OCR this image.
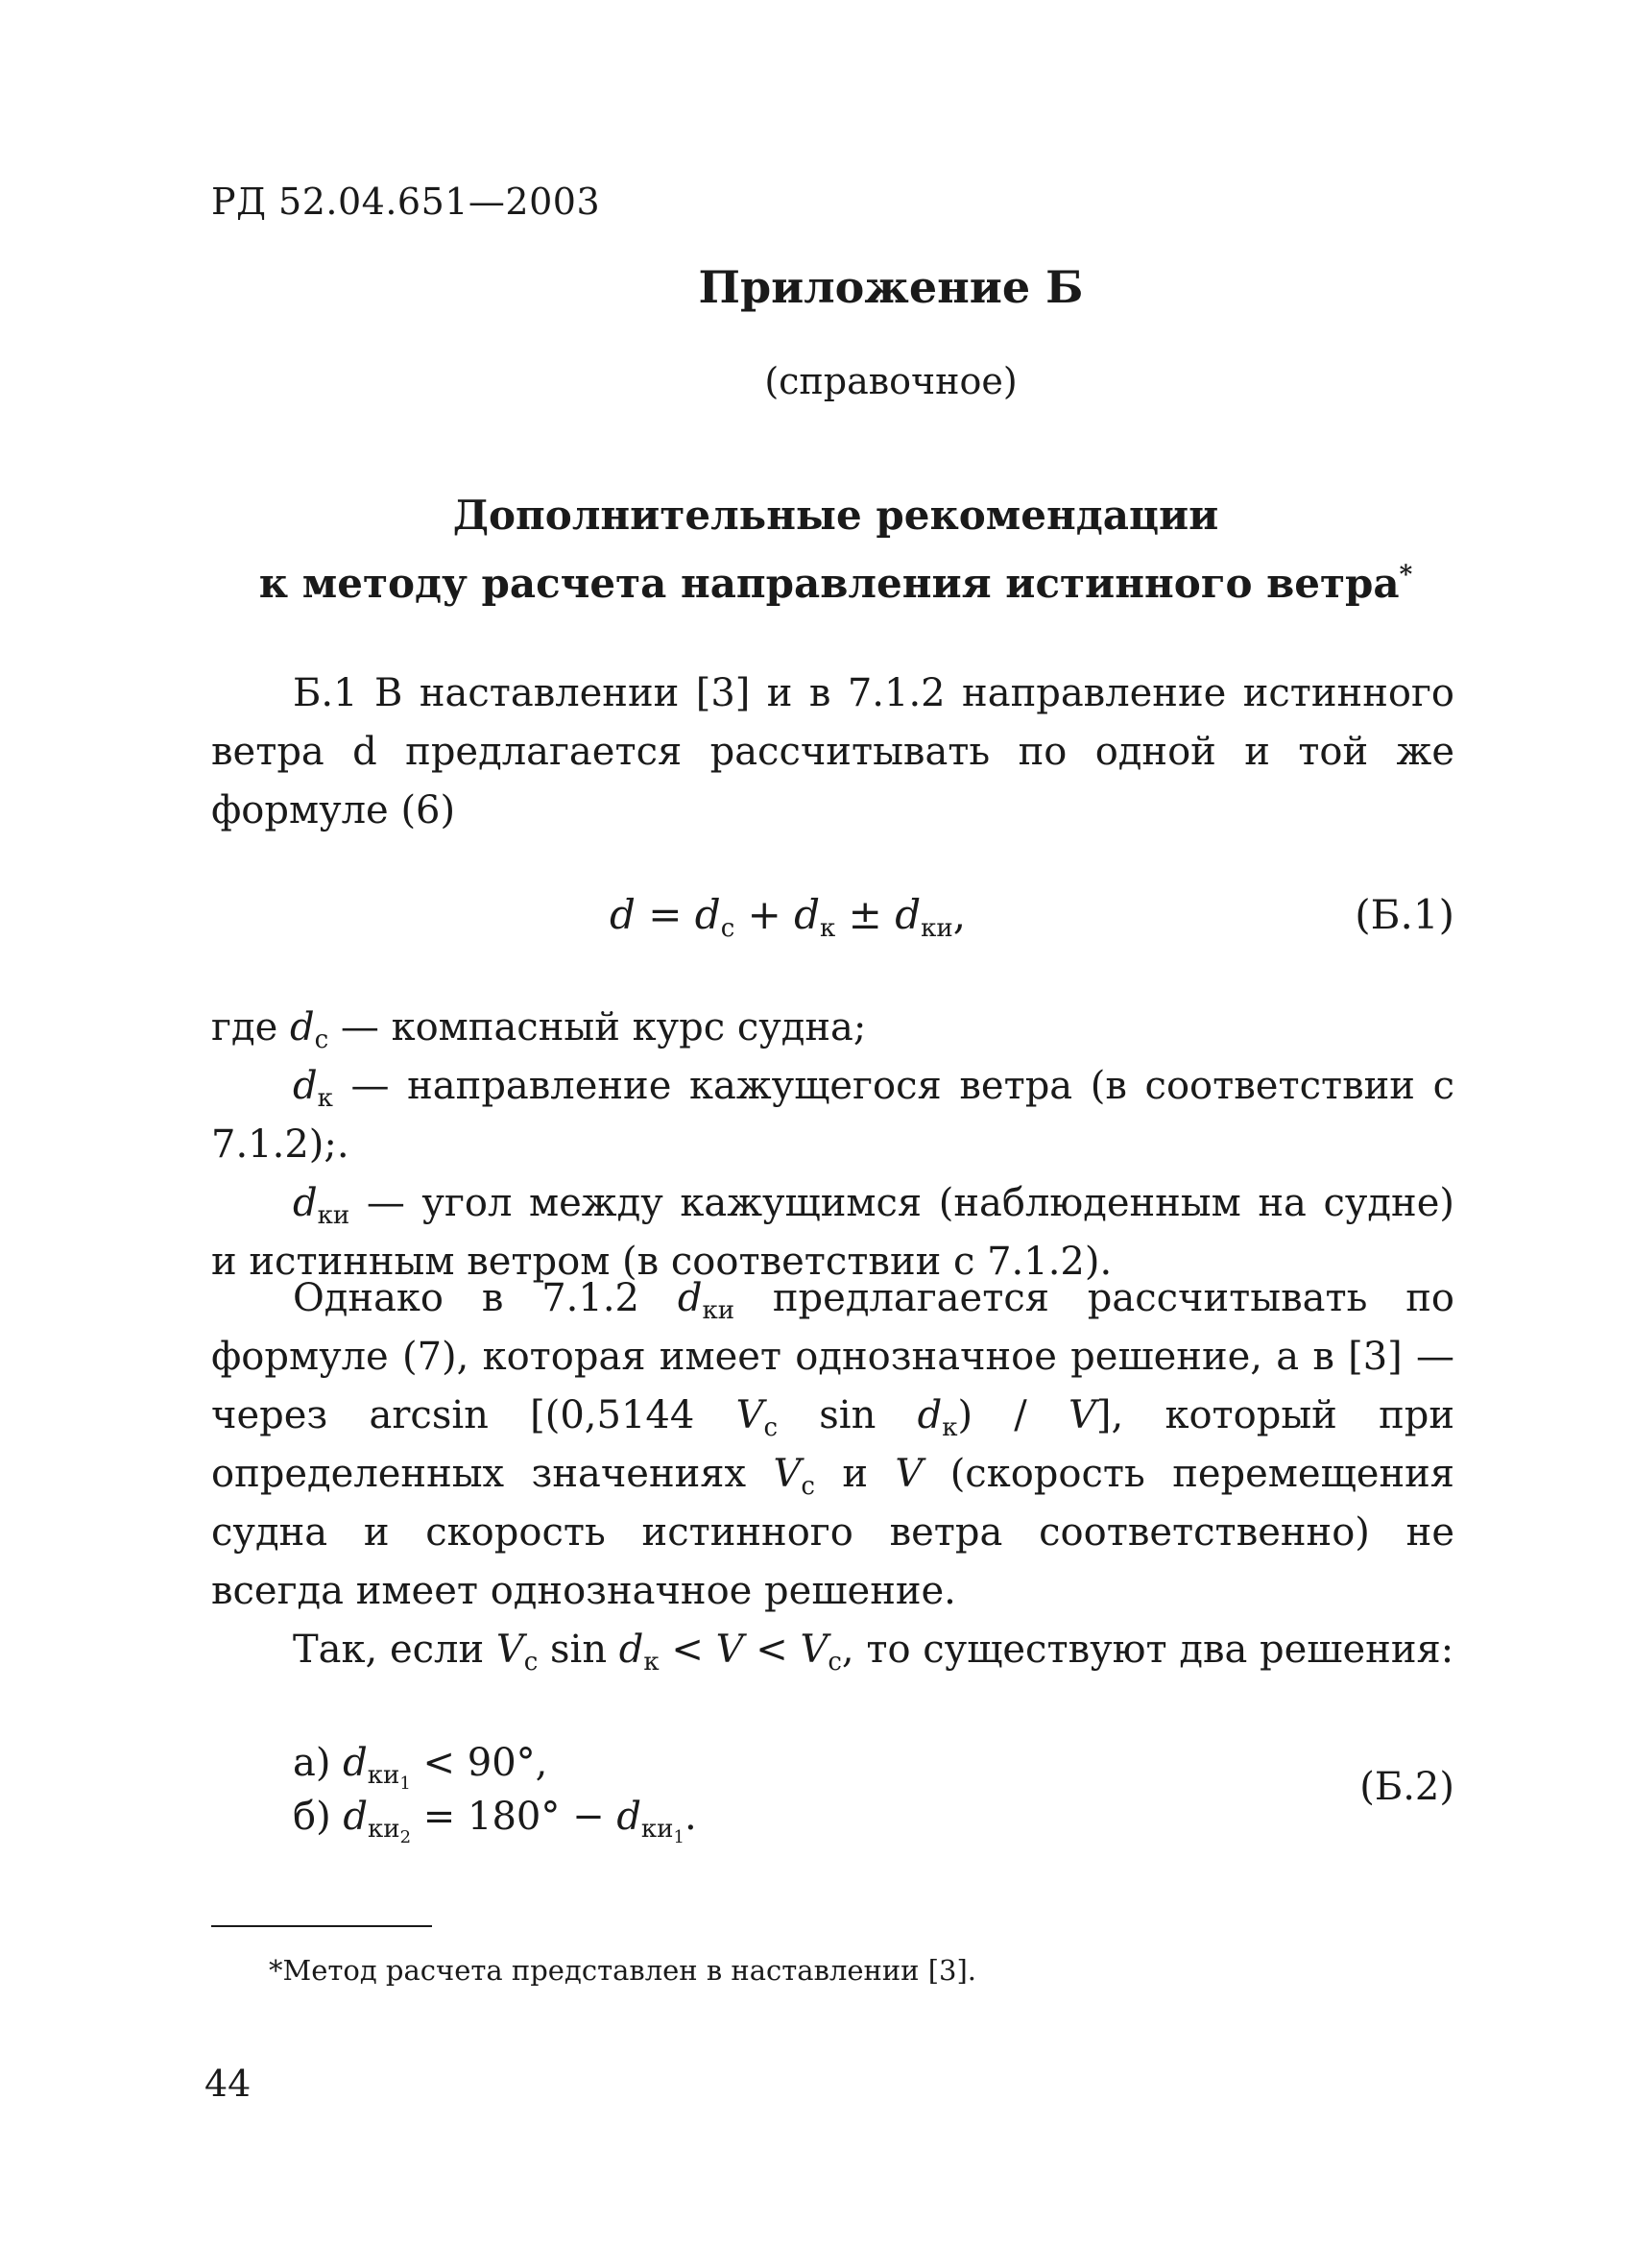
РД 52.04.651—2003
Приложение Б
(справочное)
Дополнительные рекомендации
к методу расчета направления истинного ветра*

Б.1 В наставлении [3] и в 7.1.2 направление истинного ветра d предлагается рассчитывать по одной и той же формуле (6)

$d = d_с + d_к \pm d_{ки}$,	(Б.1)

где $d_с$ — компасный курс судна;

$d_к$ — направление кажущегося ветра (в соответствии с 7.1.2);.

$d_{ки}$ — угол между кажущимся (наблюденным на судне) и истинным ветром (в соответствии с 7.1.2).

Однако в 7.1.2 $d_{ки}$ предлагается рассчитывать по формуле (7), которая имеет однозначное решение, а в [3] — через arcsin [(0,5144 $V_с$ $\sin d_к) / V$], который при определенных значениях $V_с$ и V (скорость перемещения судна и скорость истинного ветра соответственно) не всегда имеет однозначное решение.

Так, если $V_с$ $\sin d_к < V < V_с$, то существуют два решения:

а) $d_{ки_1} < 90^\circ$,
б) $d_{ки_2} = 180^\circ - d_{ки_1}$.
(Б.2)
*Метод расчета представлен в наставлении [3].
44
